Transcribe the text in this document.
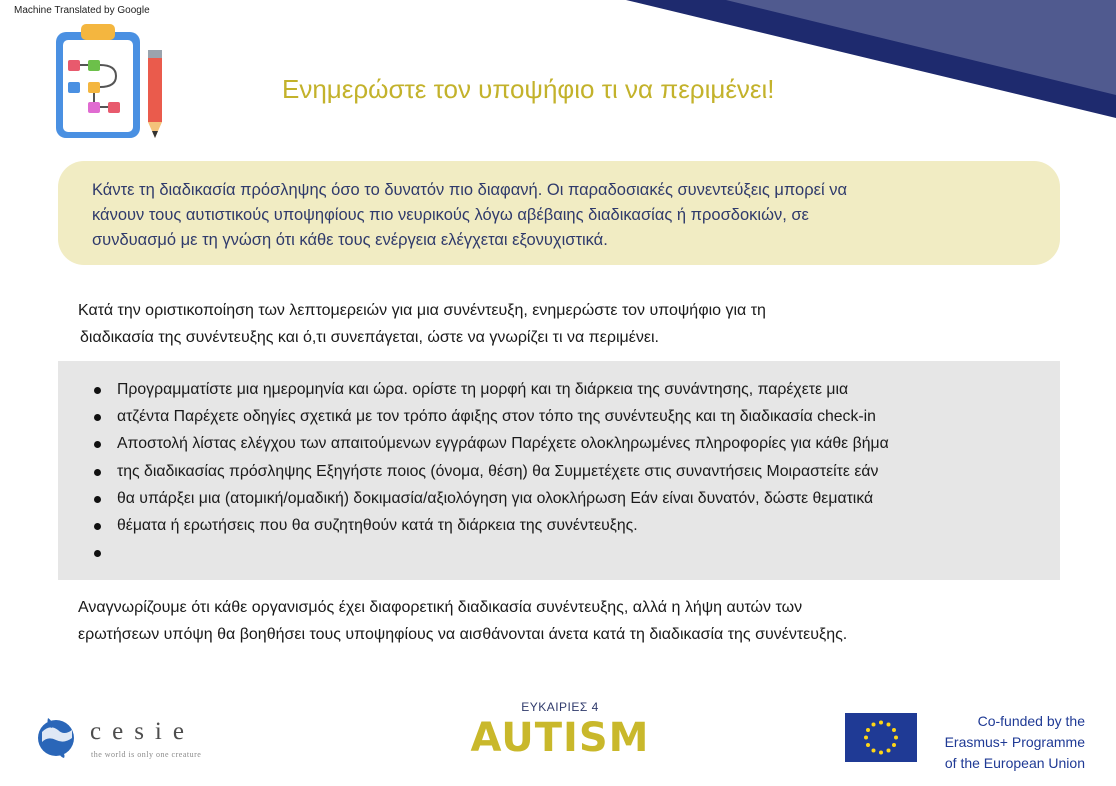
Machine Translated by Google
Ενημερώστε τον υποψήφιο τι να περιμένει!

Κάντε τη διαδικασία πρόσληψης όσο το δυνατόν πιο διαφανή. Οι παραδοσιακές συνεντεύξεις μπορεί να

κάνουν τους αυτιστικούς υποψηφίους πιο νευρικούς λόγω αβέβαιης διαδικασίας ή προσδοκιών, σε

συνδυασμό με τη γνώση ότι κάθε τους ενέργεια ελέγχεται εξονυχιστικά.

Κατά την οριστικοποίηση των λεπτομερειών για μια συνέντευξη, ενημερώστε τον υποψήφιο για τη

διαδικασία της συνέντευξης και ό,τι συνεπάγεται, ώστε να γνωρίζει τι να περιμένει.

Προγραμματίστε μια ημερομηνία και ώρα. ορίστε τη μορφή και τη διάρκεια της συνάντησης, παρέχετε μια
ατζέντα Παρέχετε οδηγίες σχετικά με τον τρόπο άφιξης στον τόπο της συνέντευξης και τη διαδικασία check-in
Αποστολή λίστας ελέγχου των απαιτούμενων εγγράφων Παρέχετε ολοκληρωμένες πληροφορίες για κάθε βήμα
της διαδικασίας πρόσληψης Εξηγήστε ποιος (όνομα, θέση) θα Συμμετέχετε στις συναντήσεις Μοιραστείτε εάν
θα υπάρξει μια (ατομική/ομαδική) δοκιμασία/αξιολόγηση για ολοκλήρωση Εάν είναι δυνατόν, δώστε θεματικά
θέματα ή ερωτήσεις που θα συζητηθούν κατά τη διάρκεια της συνέντευξης.

Αναγνωρίζουμε ότι κάθε οργανισμός έχει διαφορετική διαδικασία συνέντευξης, αλλά η λήψη αυτών των

ερωτήσεων υπόψη θα βοηθήσει τους υποψηφίους να αισθάνονται άνετα κατά τη διαδικασία της συνέντευξης.

cesie
the world is only one creature
ΕΥΚΑΙΡΙΕΣ 4
AUTISM	Co-funded by the
Erasmus+ Programme
of the European Union
